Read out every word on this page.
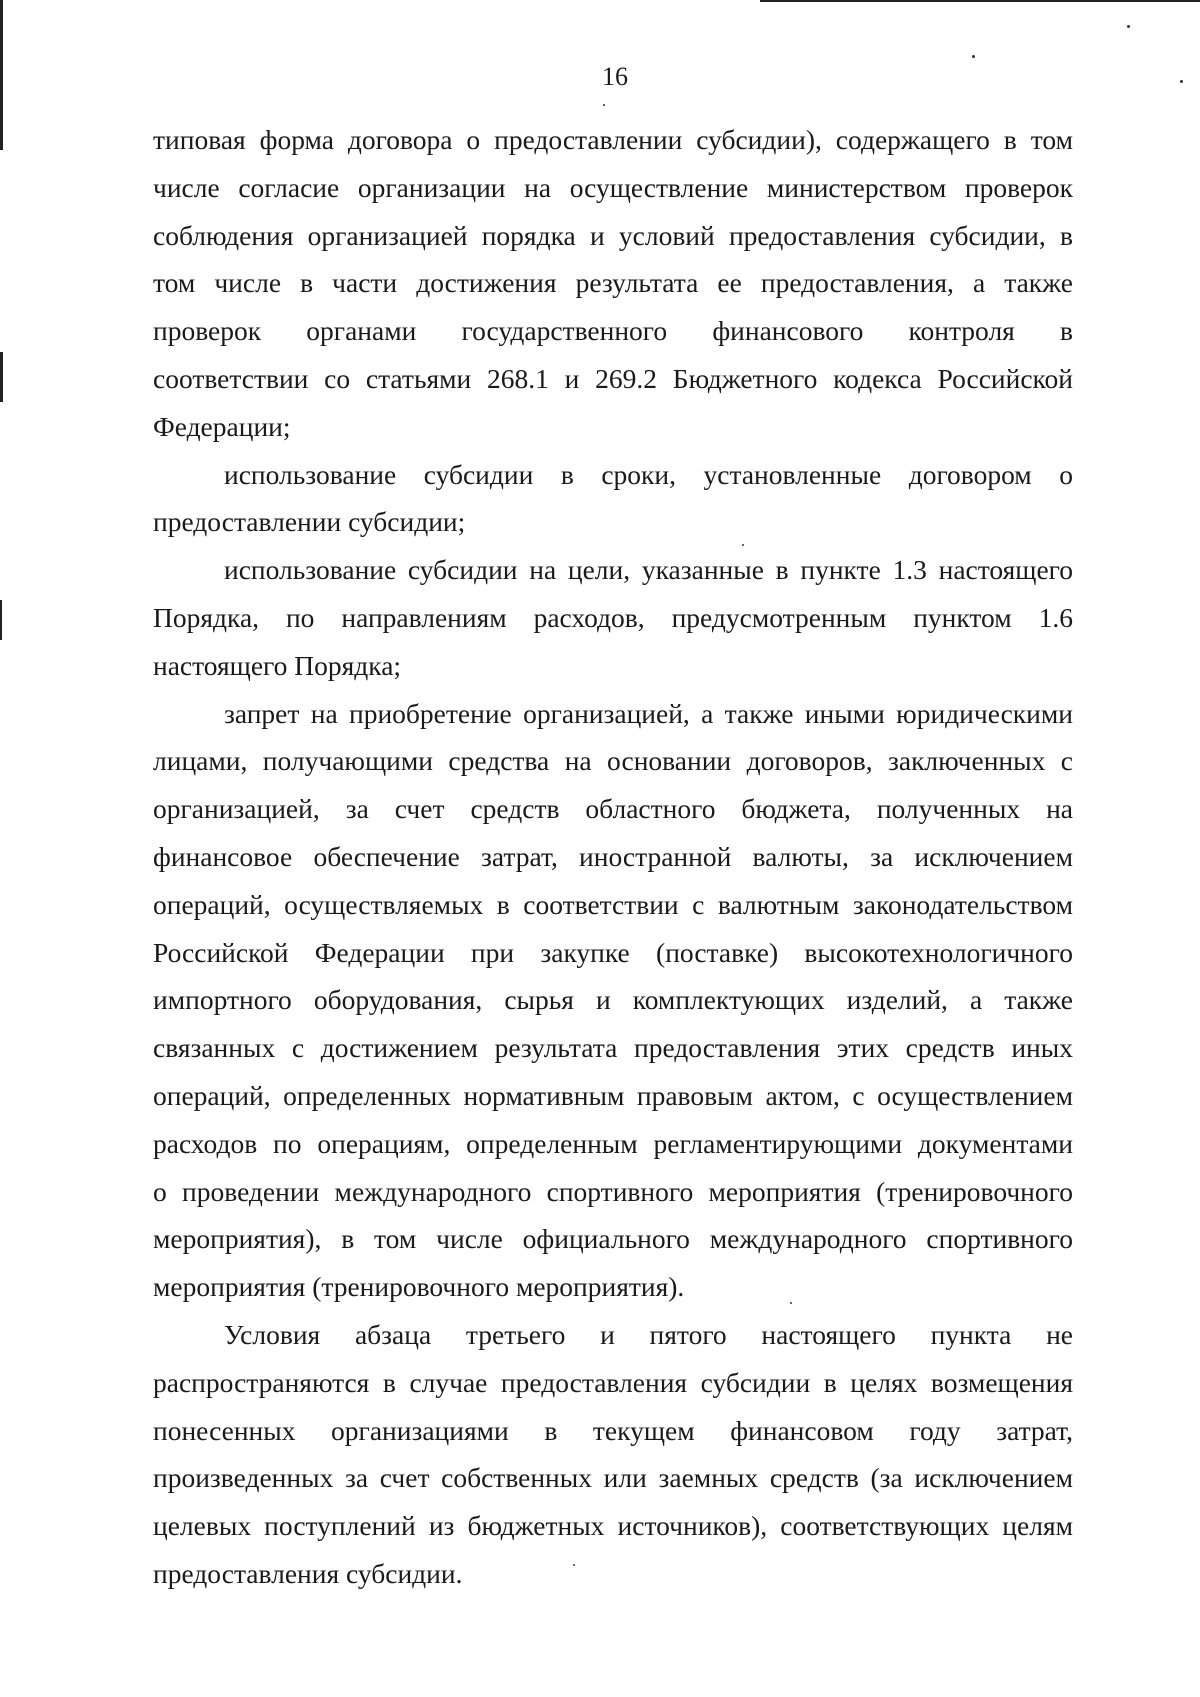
16
типовая форма договора о предоставлении субсидии), содержащего в том
числе согласие организации на осуществление министерством проверок
соблюдения организацией порядка и условий предоставления субсидии, в
том числе в части достижения результата ее предоставления, а также
проверок органами государственного финансового контроля в
соответствии со статьями 268.1 и 269.2 Бюджетного кодекса Российской
Федерации;
использование субсидии в сроки, установленные договором о
предоставлении субсидии;
использование субсидии на цели, указанные в пункте 1.3 настоящего
Порядка, по направлениям расходов, предусмотренным пунктом 1.6
настоящего Порядка;
запрет на приобретение организацией, а также иными юридическими
лицами, получающими средства на основании договоров, заключенных с
организацией, за счет средств областного бюджета, полученных на
финансовое обеспечение затрат, иностранной валюты, за исключением
операций, осуществляемых в соответствии с валютным законодательством
Российской Федерации при закупке (поставке) высокотехнологичного
импортного оборудования, сырья и комплектующих изделий, а также
связанных с достижением результата предоставления этих средств иных
операций, определенных нормативным правовым актом, с осуществлением
расходов по операциям, определенным регламентирующими документами
о проведении международного спортивного мероприятия (тренировочного
мероприятия), в том числе официального международного спортивного
мероприятия (тренировочного мероприятия).
Условия абзаца третьего и пятого настоящего пункта не
распространяются в случае предоставления субсидии в целях возмещения
понесенных организациями в текущем финансовом году затрат,
произведенных за счет собственных или заемных средств (за исключением
целевых поступлений из бюджетных источников), соответствующих целям
предоставления субсидии.
